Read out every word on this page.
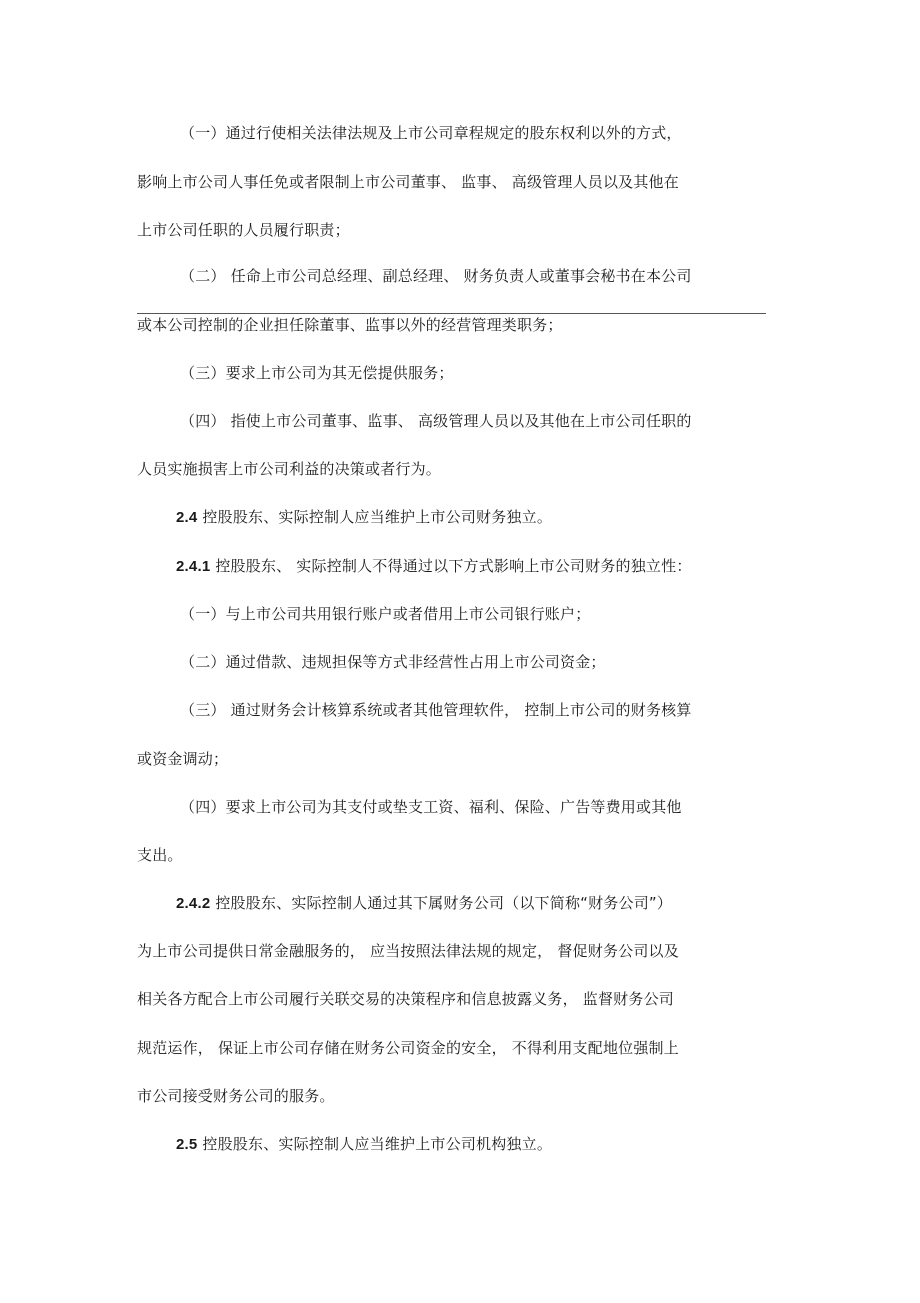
（一）通过行使相关法律法规及上市公司章程规定的股东权利以外的方式，
影响上市公司人事任免或者限制上市公司董事、 监事、 高级管理人员以及其他在
上市公司任职的人员履行职责；
（二） 任命上市公司总经理、副总经理、 财务负责人或董事会秘书在本公司
或本公司控制的企业担任除董事、监事以外的经营管理类职务；
（三）要求上市公司为其无偿提供服务；
（四） 指使上市公司董事、监事、 高级管理人员以及其他在上市公司任职的
人员实施损害上市公司利益的决策或者行为。
2.4 控股股东、实际控制人应当维护上市公司财务独立。
2.4.1 控股股东、 实际控制人不得通过以下方式影响上市公司财务的独立性：
（一）与上市公司共用银行账户或者借用上市公司银行账户；
（二）通过借款、违规担保等方式非经营性占用上市公司资金；
（三） 通过财务会计核算系统或者其他管理软件， 控制上市公司的财务核算
或资金调动；
（四）要求上市公司为其支付或垫支工资、福利、保险、广告等费用或其他
支出。
2.4.2 控股股东、实际控制人通过其下属财务公司（以下简称“财务公司”）
为上市公司提供日常金融服务的， 应当按照法律法规的规定， 督促财务公司以及
相关各方配合上市公司履行关联交易的决策程序和信息披露义务， 监督财务公司
规范运作， 保证上市公司存储在财务公司资金的安全， 不得利用支配地位强制上
市公司接受财务公司的服务。
2.5 控股股东、实际控制人应当维护上市公司机构独立。
